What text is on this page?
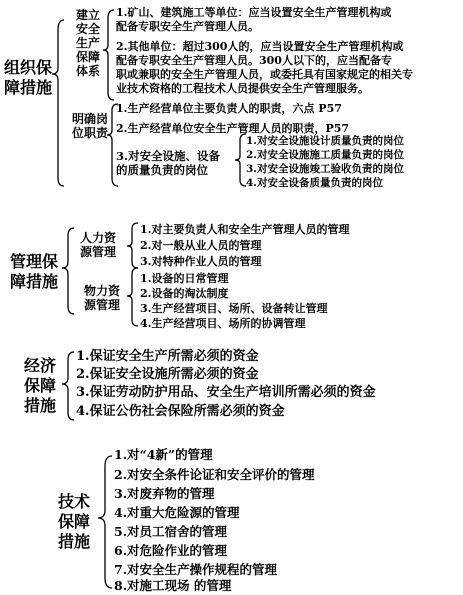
组织保
障措施
建立
安全
生产
保障
体系
1.矿山、建筑施工等单位：应当设置安全生产管理机构或
配备专职安全生产管理人员。
2.其他单位：超过300人的，应当设置安全生产管理机构或
配备专职安全生产管理人员。300人以下的，应当配备专
职或兼职的安全生产管理人员，或委托具有国家规定的相关专
业技术资格的工程技术人员提供安全生产管理服务。
明确岗
位职责
1.生产经营单位主要负责人的职责，六点 P57
2.生产经营单位安全生产管理人员的职责，P57
3.对安全设施、设备
的质量负责的岗位
1.对安全设施设计质量负责的岗位
2.对安全设施施工质量负责的岗位
3.对安全设施竣工验收负责的岗位
4.对安全设备质量负责的岗位
管理保
障措施
人力资
源管理
1.对主要负责人和安全生产管理人员的管理
2.对一般从业人员的管理
3.对特种作业人员的管理
物力资
源管理
1.设备的日常管理
2.设备的淘汰制度
3.生产经营项目、场所、设备转让管理
4.生产经营项目、场所的协调管理
经济
保障
措施
1.保证安全生产所需必须的资金
2.保证安全设施所需必须的资金
3.保证劳动防护用品、安全生产培训所需必须的资金
4.保证公伤社会保险所需必须的资金
技术
保障
措施
1.对“4新”的管理
2.对安全条件论证和安全评价的管理
3.对废弃物的管理
4.对重大危险源的管理
5.对员工宿舍的管理
6.对危险作业的管理
7.对安全生产操作规程的管理
8.对施工现场 的管理
